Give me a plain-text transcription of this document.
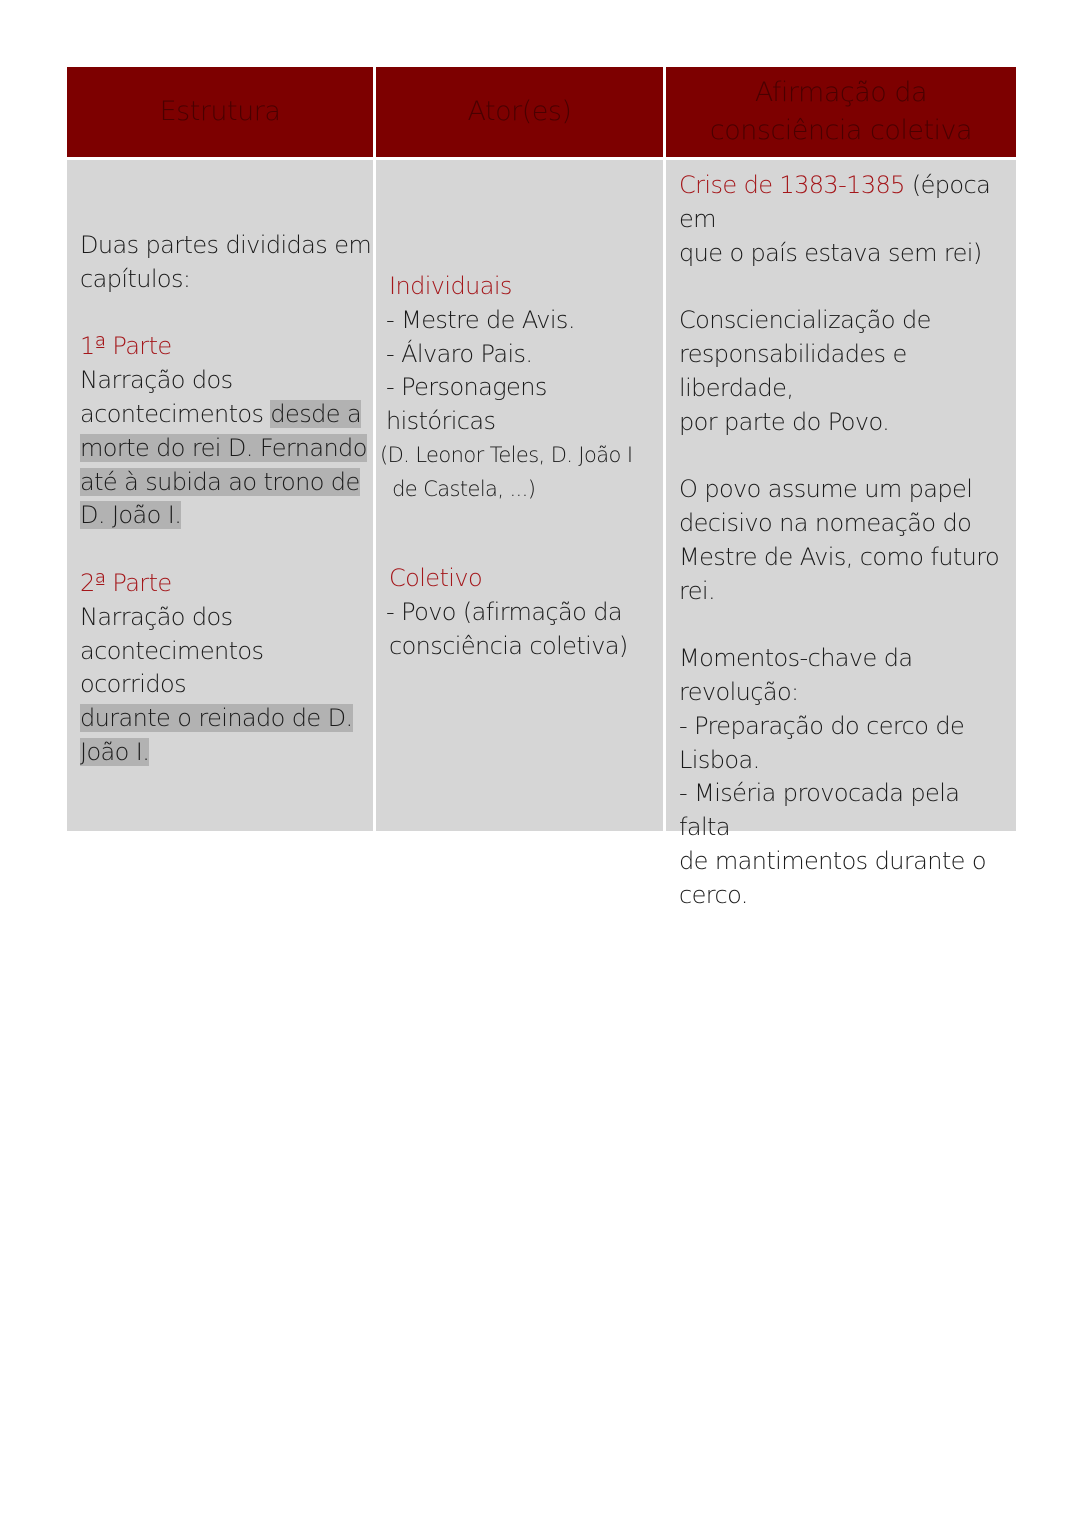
Estrutura	Ator(es)
Afirmação da consciência coletiva

Duas partes divididas em

capítulos:

1ª Parte

Narração dos

acontecimentos desde a

morte do rei D. Fernando

até à subida ao trono de

D. João I.

2ª Parte

Narração dos

acontecimentos ocorridos

durante o reinado de D.

João I.

Individuais

- Mestre de Avis.

- Álvaro Pais.

- Personagens históricas

(D. Leonor Teles, D. João I

de Castela, ...)

Coletivo

- Povo (afirmação da

consciência coletiva)

Crise de 1383-1385 (época em

que o país estava sem rei)

Consciencialização de

responsabilidades e liberdade,

por parte do Povo.

O povo assume um papel

decisivo na nomeação do

Mestre de Avis, como futuro

rei.

Momentos-chave da

revolução:

- Preparação do cerco de

Lisboa.

- Miséria provocada pela falta

de mantimentos durante o

cerco.
